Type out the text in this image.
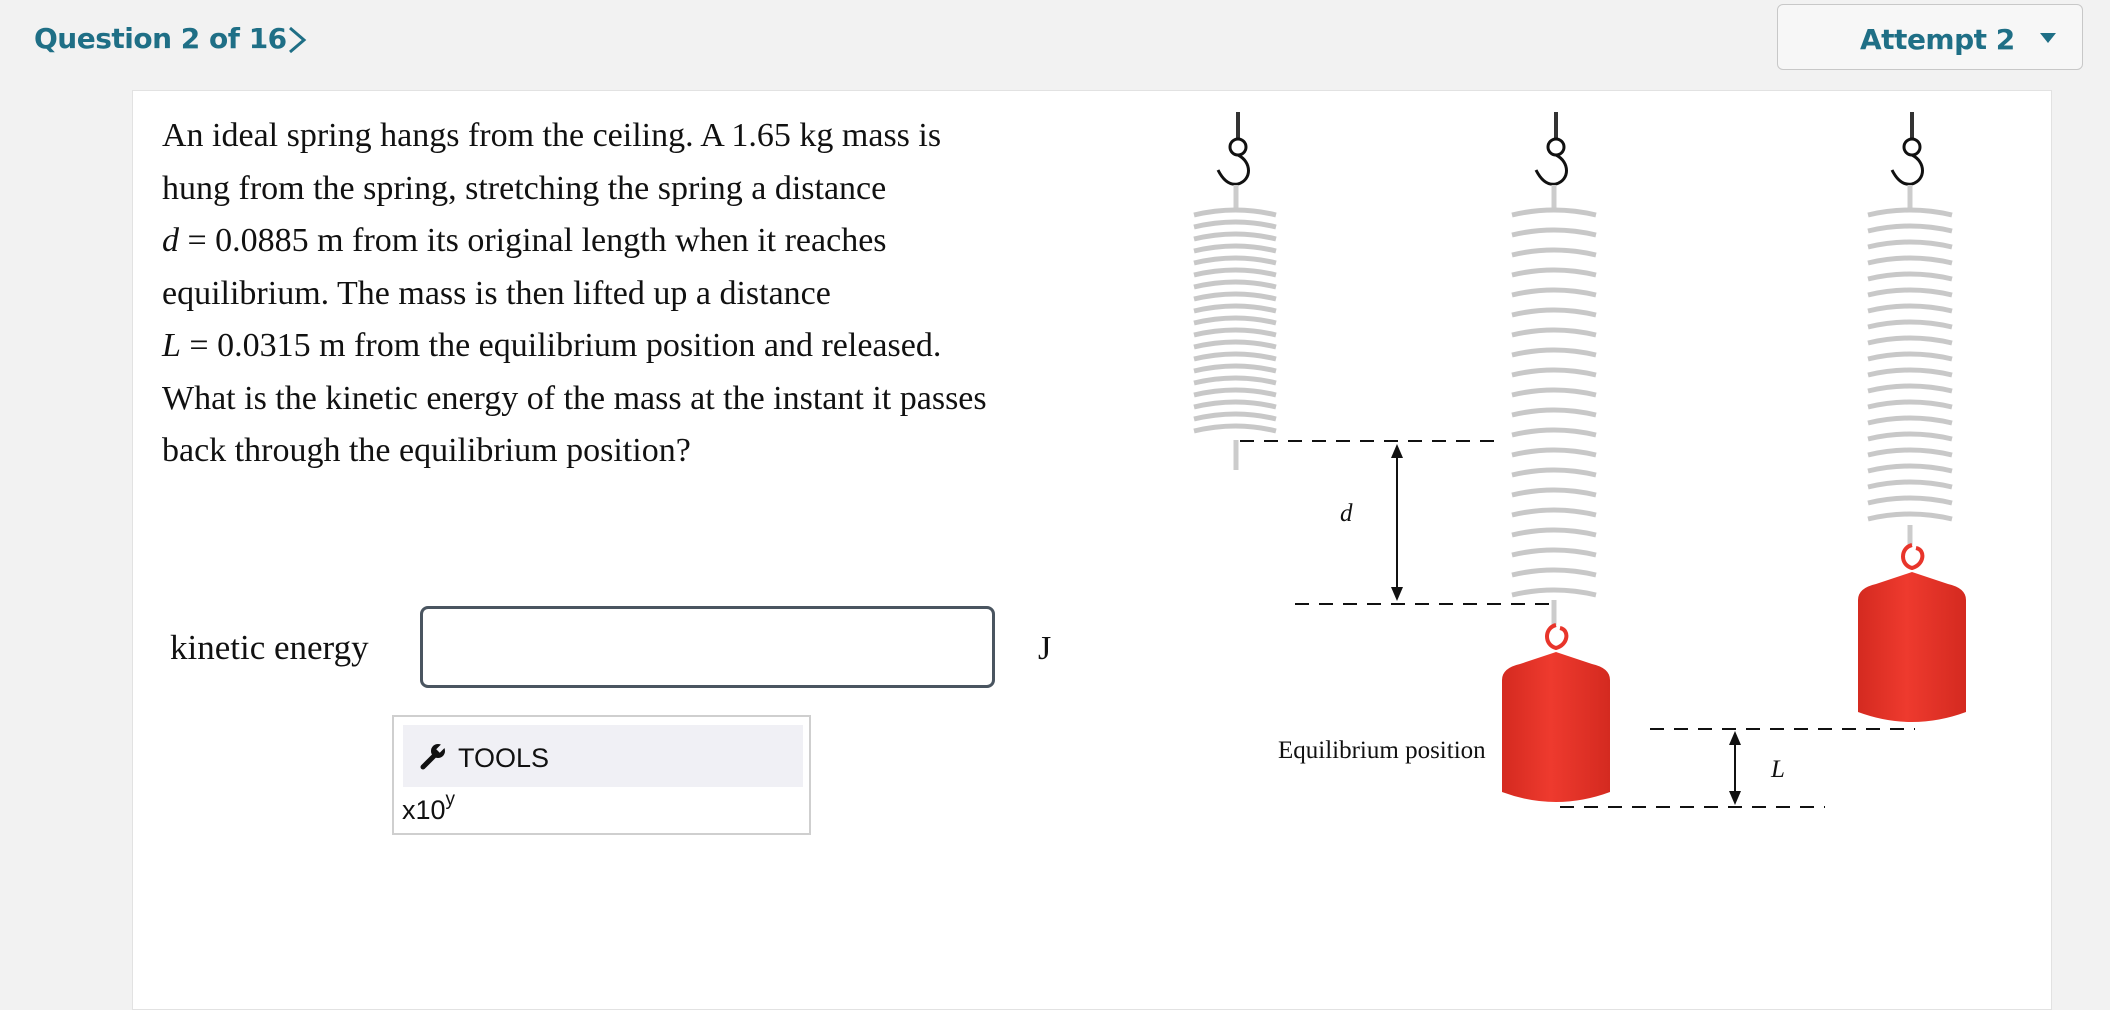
Question 2 of 16	Attempt 2
An ideal spring hangs from the ceiling. A 1.65 kg mass is
hung from the spring, stretching the spring a distance
d = 0.0885 m from its original length when it reaches
equilibrium. The mass is then lifted up a distance
L = 0.0315 m from the equilibrium position and released.
What is the kinetic energy of the mass at the instant it passes
back through the equilibrium position?
kinetic energy	J
TOOLS
x10$^y$
d
L
Equilibrium position
